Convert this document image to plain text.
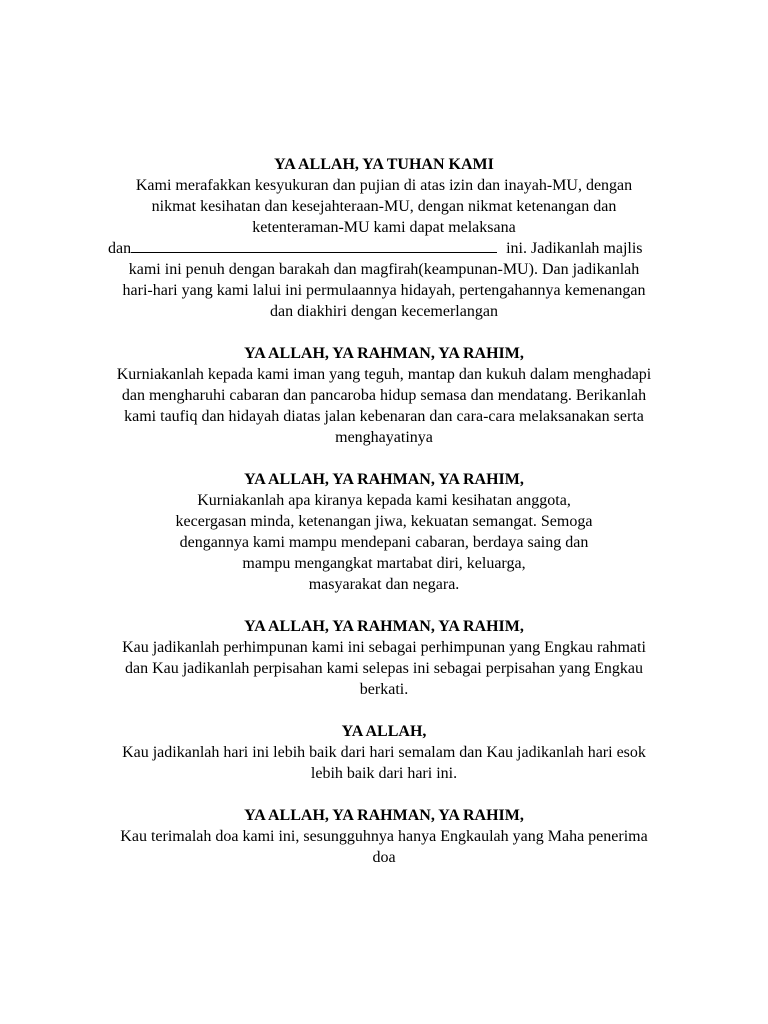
YA ALLAH, YA TUHAN KAMI

Kami merafakkan kesyukuran dan pujian di atas izin dan inayah-MU, dengan

nikmat kesihatan dan kesejahteraan-MU, dengan nikmat ketenangan dan

ketenteraman-MU kami dapat melaksana

dan	ini. Jadikanlah majlis

kami ini penuh dengan barakah dan magfirah(keampunan-MU). Dan jadikanlah

hari-hari yang kami lalui ini permulaannya hidayah, pertengahannya kemenangan

dan diakhiri dengan kecemerlangan

YA ALLAH, YA RAHMAN, YA RAHIM,

Kurniakanlah kepada kami iman yang teguh, mantap dan kukuh dalam menghadapi

dan mengharuhi cabaran dan pancaroba hidup semasa dan mendatang. Berikanlah

kami taufiq dan hidayah diatas jalan kebenaran dan cara-cara melaksanakan serta

menghayatinya

YA ALLAH, YA RAHMAN, YA RAHIM,

Kurniakanlah apa kiranya kepada kami kesihatan anggota,

kecergasan minda, ketenangan jiwa, kekuatan semangat. Semoga

dengannya kami mampu mendepani cabaran, berdaya saing dan

mampu mengangkat martabat diri, keluarga,

masyarakat dan negara.

YA ALLAH, YA RAHMAN, YA RAHIM,

Kau jadikanlah perhimpunan kami ini sebagai perhimpunan yang Engkau rahmati

dan Kau jadikanlah perpisahan kami selepas ini sebagai perpisahan yang Engkau

berkati.

YA ALLAH,

Kau jadikanlah hari ini lebih baik dari hari semalam dan Kau jadikanlah hari esok

lebih baik dari hari ini.

YA ALLAH, YA RAHMAN, YA RAHIM,

Kau terimalah doa kami ini, sesungguhnya hanya Engkaulah yang Maha penerima

doa
